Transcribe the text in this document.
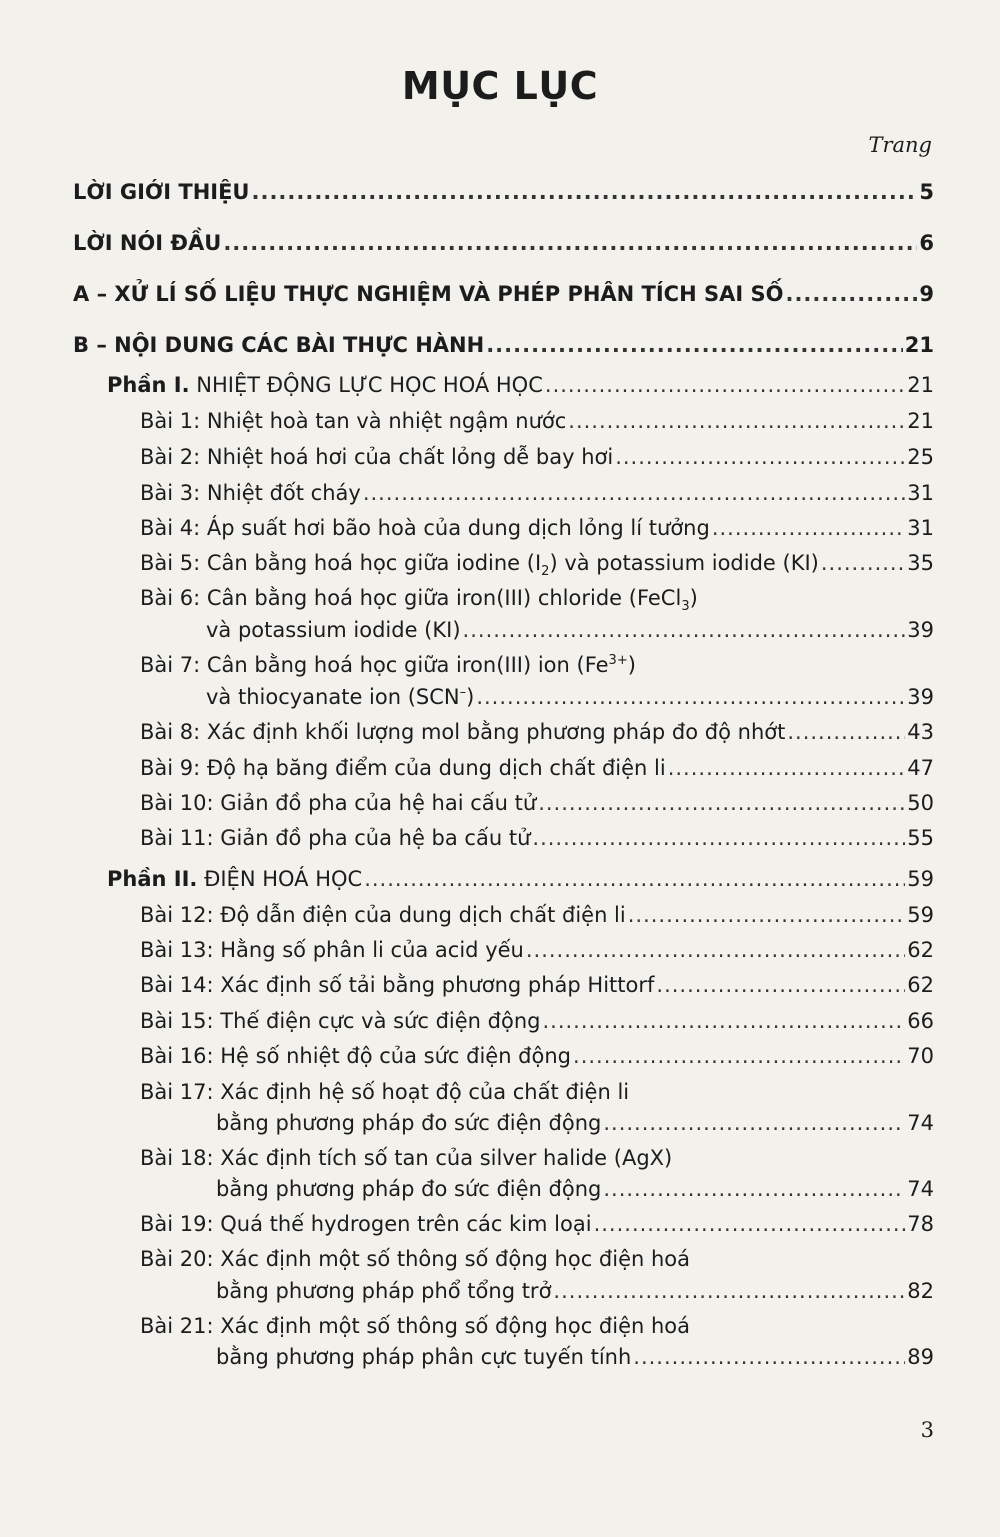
MỤC LỤC
Trang
LỜI GIỚI THIỆU .....	5
LỜI NÓI ĐẦU .....	6
A – XỬ LÍ SỐ LIỆU THỰC NGHIỆM VÀ PHÉP PHÂN TÍCH SAI SỐ .....	9
B – NỘI DUNG CÁC BÀI THỰC HÀNH .....	21
Phần I. NHIỆT ĐỘNG LỰC HỌC HOÁ HỌC .....	21
Bài 1: Nhiệt hoà tan và nhiệt ngậm nước .....	21
Bài 2: Nhiệt hoá hơi của chất lỏng dễ bay hơi .....	25
Bài 3: Nhiệt đốt cháy .....	31
Bài 4: Áp suất hơi bão hoà của dung dịch lỏng lí tưởng .....	31
Bài 5: Cân bằng hoá học giữa iodine $(I_2)$ và potassium iodide (KI) .....	35
Bài 6: Cân bằng hoá học giữa iron(III) chloride (FeCl$_3$)
và potassium iodide (KI) .....	39
Bài 7: Cân bằng hoá học giữa iron(III) ion $(Fe^{3+})$
và thiocyanate ion (SCN–) .....	39
Bài 8: Xác định khối lượng mol bằng phương pháp đo độ nhớt .....	43
Bài 9: Độ hạ băng điểm của dung dịch chất điện li .....	47
Bài 10: Giản đồ pha của hệ hai cấu tử .....	50
Bài 11: Giản đồ pha của hệ ba cấu tử .....	55
Phần II. ĐIỆN HOÁ HỌC .....	59
Bài 12: Độ dẫn điện của dung dịch chất điện li .....	59
Bài 13: Hằng số phân li của acid yếu .....	62
Bài 14: Xác định số tải bằng phương pháp Hittorf .....	62
Bài 15: Thế điện cực và sức điện động .....	66
Bài 16: Hệ số nhiệt độ của sức điện động .....	70
Bài 17: Xác định hệ số hoạt độ của chất điện li
bằng phương pháp đo sức điện động .....	74
Bài 18: Xác định tích số tan của silver halide (AgX)
bằng phương pháp đo sức điện động .....	74
Bài 19: Quá thế hydrogen trên các kim loại .....	78
Bài 20: Xác định một số thông số động học điện hoá
bằng phương pháp phổ tổng trở .....	82
Bài 21: Xác định một số thông số động học điện hoá
bằng phương pháp phân cực tuyến tính .....	89
3
